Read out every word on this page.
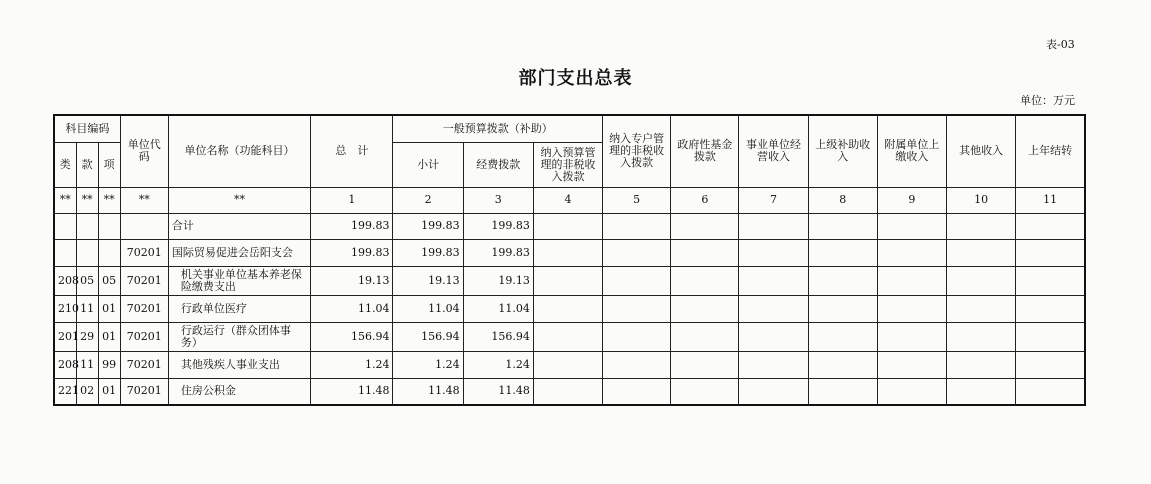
表-03
部门支出总表
单位：万元
科目编码			单位代码	单位名称（功能科目）	总　计	一般预算拨款（补助）			纳入专户管理的非税收入拨款	政府性基金拨款	事业单位经营收入	上级补助收入	附属单位上缴收入	其他收入	上年结转
类	款	项				小计	经费拨款	纳入预算管理的非税收入拨款							
**	**	**	**	**	1	2	3	4	5	6	7	8	9	10	11
				合计	199.83	199.83	199.83								
			70201	国际贸易促进会岳阳支会	199.83	199.83	199.83								
208	05	05	70201	机关事业单位基本养老保险缴费支出	19.13	19.13	19.13								
210	11	01	70201	行政单位医疗	11.04	11.04	11.04								
201	29	01	70201	行政运行（群众团体事务）	156.94	156.94	156.94								
208	11	99	70201	其他残疾人事业支出	1.24	1.24	1.24								
221	02	01	70201	住房公积金	11.48	11.48	11.48								
